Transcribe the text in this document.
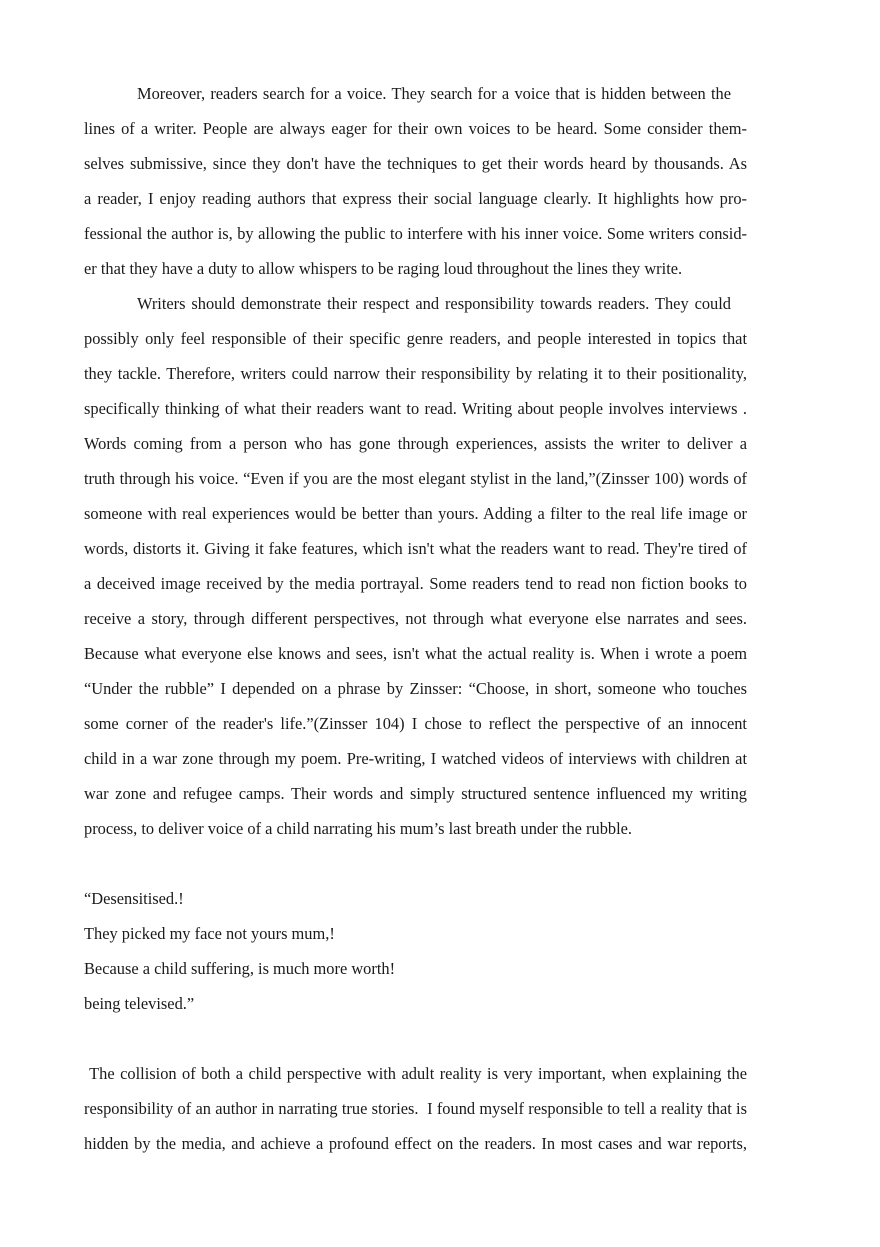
Moreover, readers search for a voice. They search for a voice that is hidden between the
lines of a writer. People are always eager for their own voices to be heard. Some consider them-
selves submissive, since they don't have the techniques to get their words heard by thousands. As
a reader, I enjoy reading authors that express their social language clearly. It highlights how pro-
fessional the author is, by allowing the public to interfere with his inner voice. Some writers consid-
er that they have a duty to allow whispers to be raging loud throughout the lines they write.
Writers should demonstrate their respect and responsibility towards readers. They could
possibly only feel responsible of their specific genre readers, and people interested in topics that
they tackle. Therefore, writers could narrow their responsibility by relating it to their positionality,
specifically thinking of what their readers want to read. Writing about people involves interviews .
Words coming from a person who has gone through experiences, assists the writer to deliver a
truth through his voice. “Even if you are the most elegant stylist in the land,”(Zinsser 100) words of
someone with real experiences would be better than yours. Adding a filter to the real life image or
words, distorts it. Giving it fake features, which isn't what the readers want to read. They're tired of
a deceived image received by the media portrayal. Some readers tend to read non fiction books to
receive a story, through different perspectives, not through what everyone else narrates and sees.
Because what everyone else knows and sees, isn't what the actual reality is. When i wrote a poem
“Under the rubble” I depended on a phrase by Zinsser: “Choose, in short, someone who touches
some corner of the reader's life.”(Zinsser 104) I chose to reflect the perspective of an innocent
child in a war zone through my poem. Pre-writing, I watched videos of interviews with children at
war zone and refugee camps. Their words and simply structured sentence influenced my writing
process, to deliver voice of a child narrating his mum’s last breath under the rubble.
“Desensitised.!
They picked my face not yours mum,!
Because a child suffering, is much more worth!
being televised.”
The collision of both a child perspective with adult reality is very important, when explaining the
responsibility of an author in narrating true stories.  I found myself responsible to tell a reality that is
hidden by the media, and achieve a profound effect on the readers. In most cases and war reports,
